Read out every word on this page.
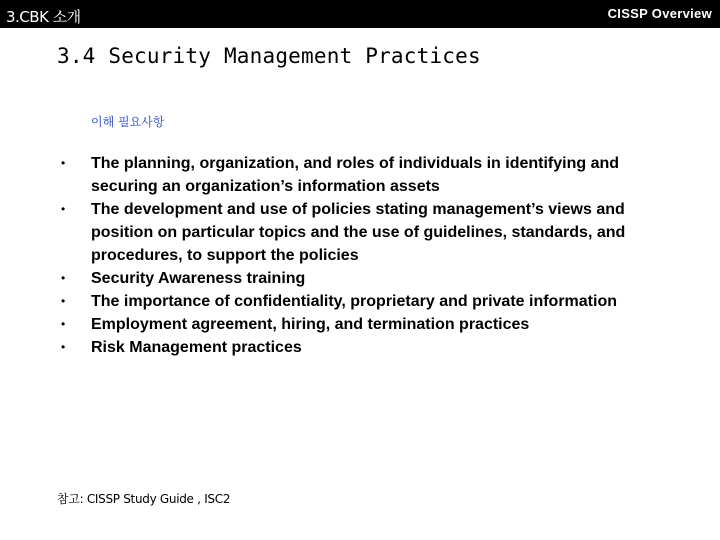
3.CBK 소개	CISSP Overview
3.4 Security Management Practices
이해 필요사항
• The planning, organization, and roles of individuals in identifying and securing an organization’s information assets
• The development and use of policies stating management’s views and position on particular topics and the use of guidelines, standards, and procedures, to support the policies
• Security Awareness training
• The importance of confidentiality, proprietary and private information
• Employment agreement, hiring, and termination practices
• Risk Management practices
참고: CISSP Study Guide , ISC2
